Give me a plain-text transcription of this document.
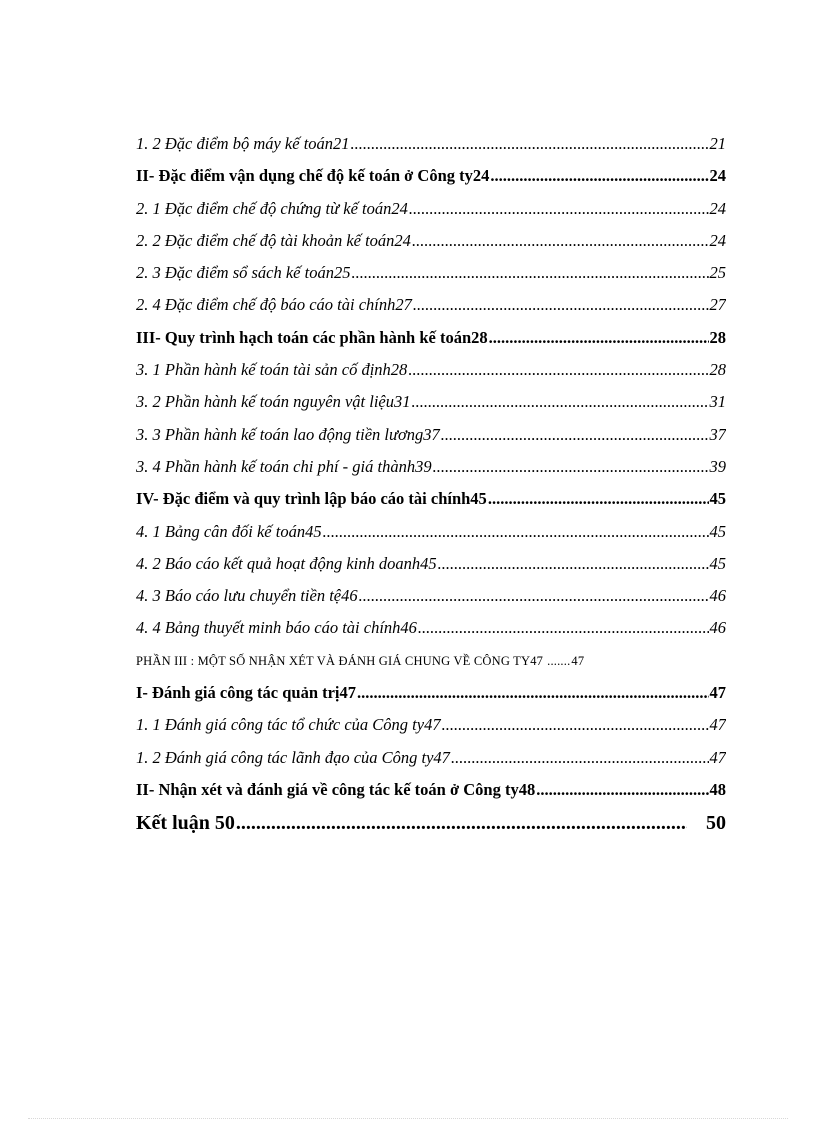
1. 2 Đặc điểm bộ máy kế toán21 .....	21
II- Đặc điểm vận dụng chế độ kế toán ở Công ty24 .....	24
2. 1 Đặc điểm chế độ chứng từ kế toán24 .....	24
2. 2 Đặc điểm chế độ tài khoản kế toán24 .....	24
2. 3 Đặc điểm sổ sách kế toán25 .....	25
2. 4 Đặc điểm chế độ báo cáo tài chính27 .....	27
III- Quy trình hạch toán các phần hành kế toán28 .....	28
3. 1 Phần hành kế toán tài sản cố định28 .....	28
3. 2 Phần hành kế toán nguyên vật liệu31 .....	31
3. 3 Phần hành kế toán lao động tiền lương37 .....	37
3. 4 Phần hành kế toán chi phí - giá thành39 .....	39
IV- Đặc điểm và quy trình lập báo cáo tài chính45 .....	45
4. 1 Bảng cân đối kế toán45 .....	45
4. 2 Báo cáo kết quả hoạt động kinh doanh45 .....	45
4. 3 Báo cáo lưu chuyển tiền tệ46 .....	46
4. 4 Bảng thuyết minh báo cáo tài chính46 .....	46
PHẦN III : MỘT SỐ NHẬN XÉT VÀ ĐÁNH GIÁ CHUNG VỀ CÔNG TY47 ....... 47
I- Đánh giá công tác quản trị47 .....	47
1. 1 Đánh giá công tác tổ chức của Công ty47 .....	47
1. 2 Đánh giá công tác lãnh đạo của Công ty47 .....	47
II- Nhận xét và đánh giá về công tác kế toán ở Công ty48 .....	48
Kết luận 50 .....	50
